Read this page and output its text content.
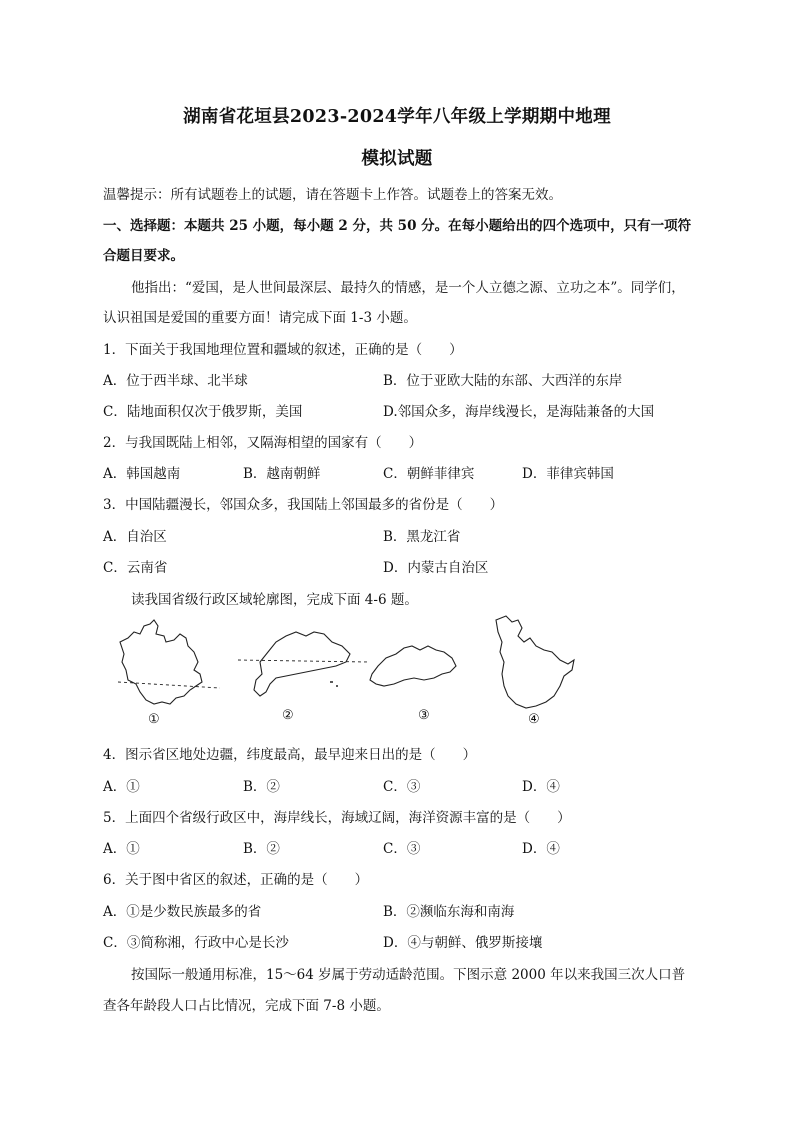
湖南省花垣县2023-2024学年八年级上学期期中地理
模拟试题
温馨提示：所有试题卷上的试题，请在答题卡上作答。试题卷上的答案无效。
一、选择题：本题共 25 小题，每小题 2 分，共 50 分。在每小题给出的四个选项中，只有一项符
合题目要求。
他指出：“爱国，是人世间最深层、最持久的情感，是一个人立德之源、立功之本”。同学们，
认识祖国是爱国的重要方面！请完成下面 1-3 小题。
1．下面关于我国地理位置和疆域的叙述，正确的是（　　）
A．位于西半球、北半球	B．位于亚欧大陆的东部、大西洋的东岸
C．陆地面积仅次于俄罗斯，美国	D.邻国众多，海岸线漫长，是海陆兼备的大国
2．与我国既陆上相邻，又隔海相望的国家有（　　）
A．韩国越南	B．越南朝鲜	C．朝鲜菲律宾	D．菲律宾韩国
3．中国陆疆漫长，邻国众多，我国陆上邻国最多的省份是（　　）
A．自治区	B．黑龙江省
C．云南省	D．内蒙古自治区
读我国省级行政区域轮廓图，完成下面 4-6 题。
①	②	③	④
4．图示省区地处边疆，纬度最高，最早迎来日出的是（　　）
A．①	B．②	C．③	D．④
5．上面四个省级行政区中，海岸线长，海域辽阔，海洋资源丰富的是（　　）
A．①	B．②	C．③	D．④
6．关于图中省区的叙述，正确的是（　　）
A．①是少数民族最多的省	B．②濒临东海和南海
C．③简称湘，行政中心是长沙	D．④与朝鲜、俄罗斯接壤
按国际一般通用标准，15～64 岁属于劳动适龄范围。下图示意 2000 年以来我国三次人口普
查各年龄段人口占比情况，完成下面 7-8 小题。
